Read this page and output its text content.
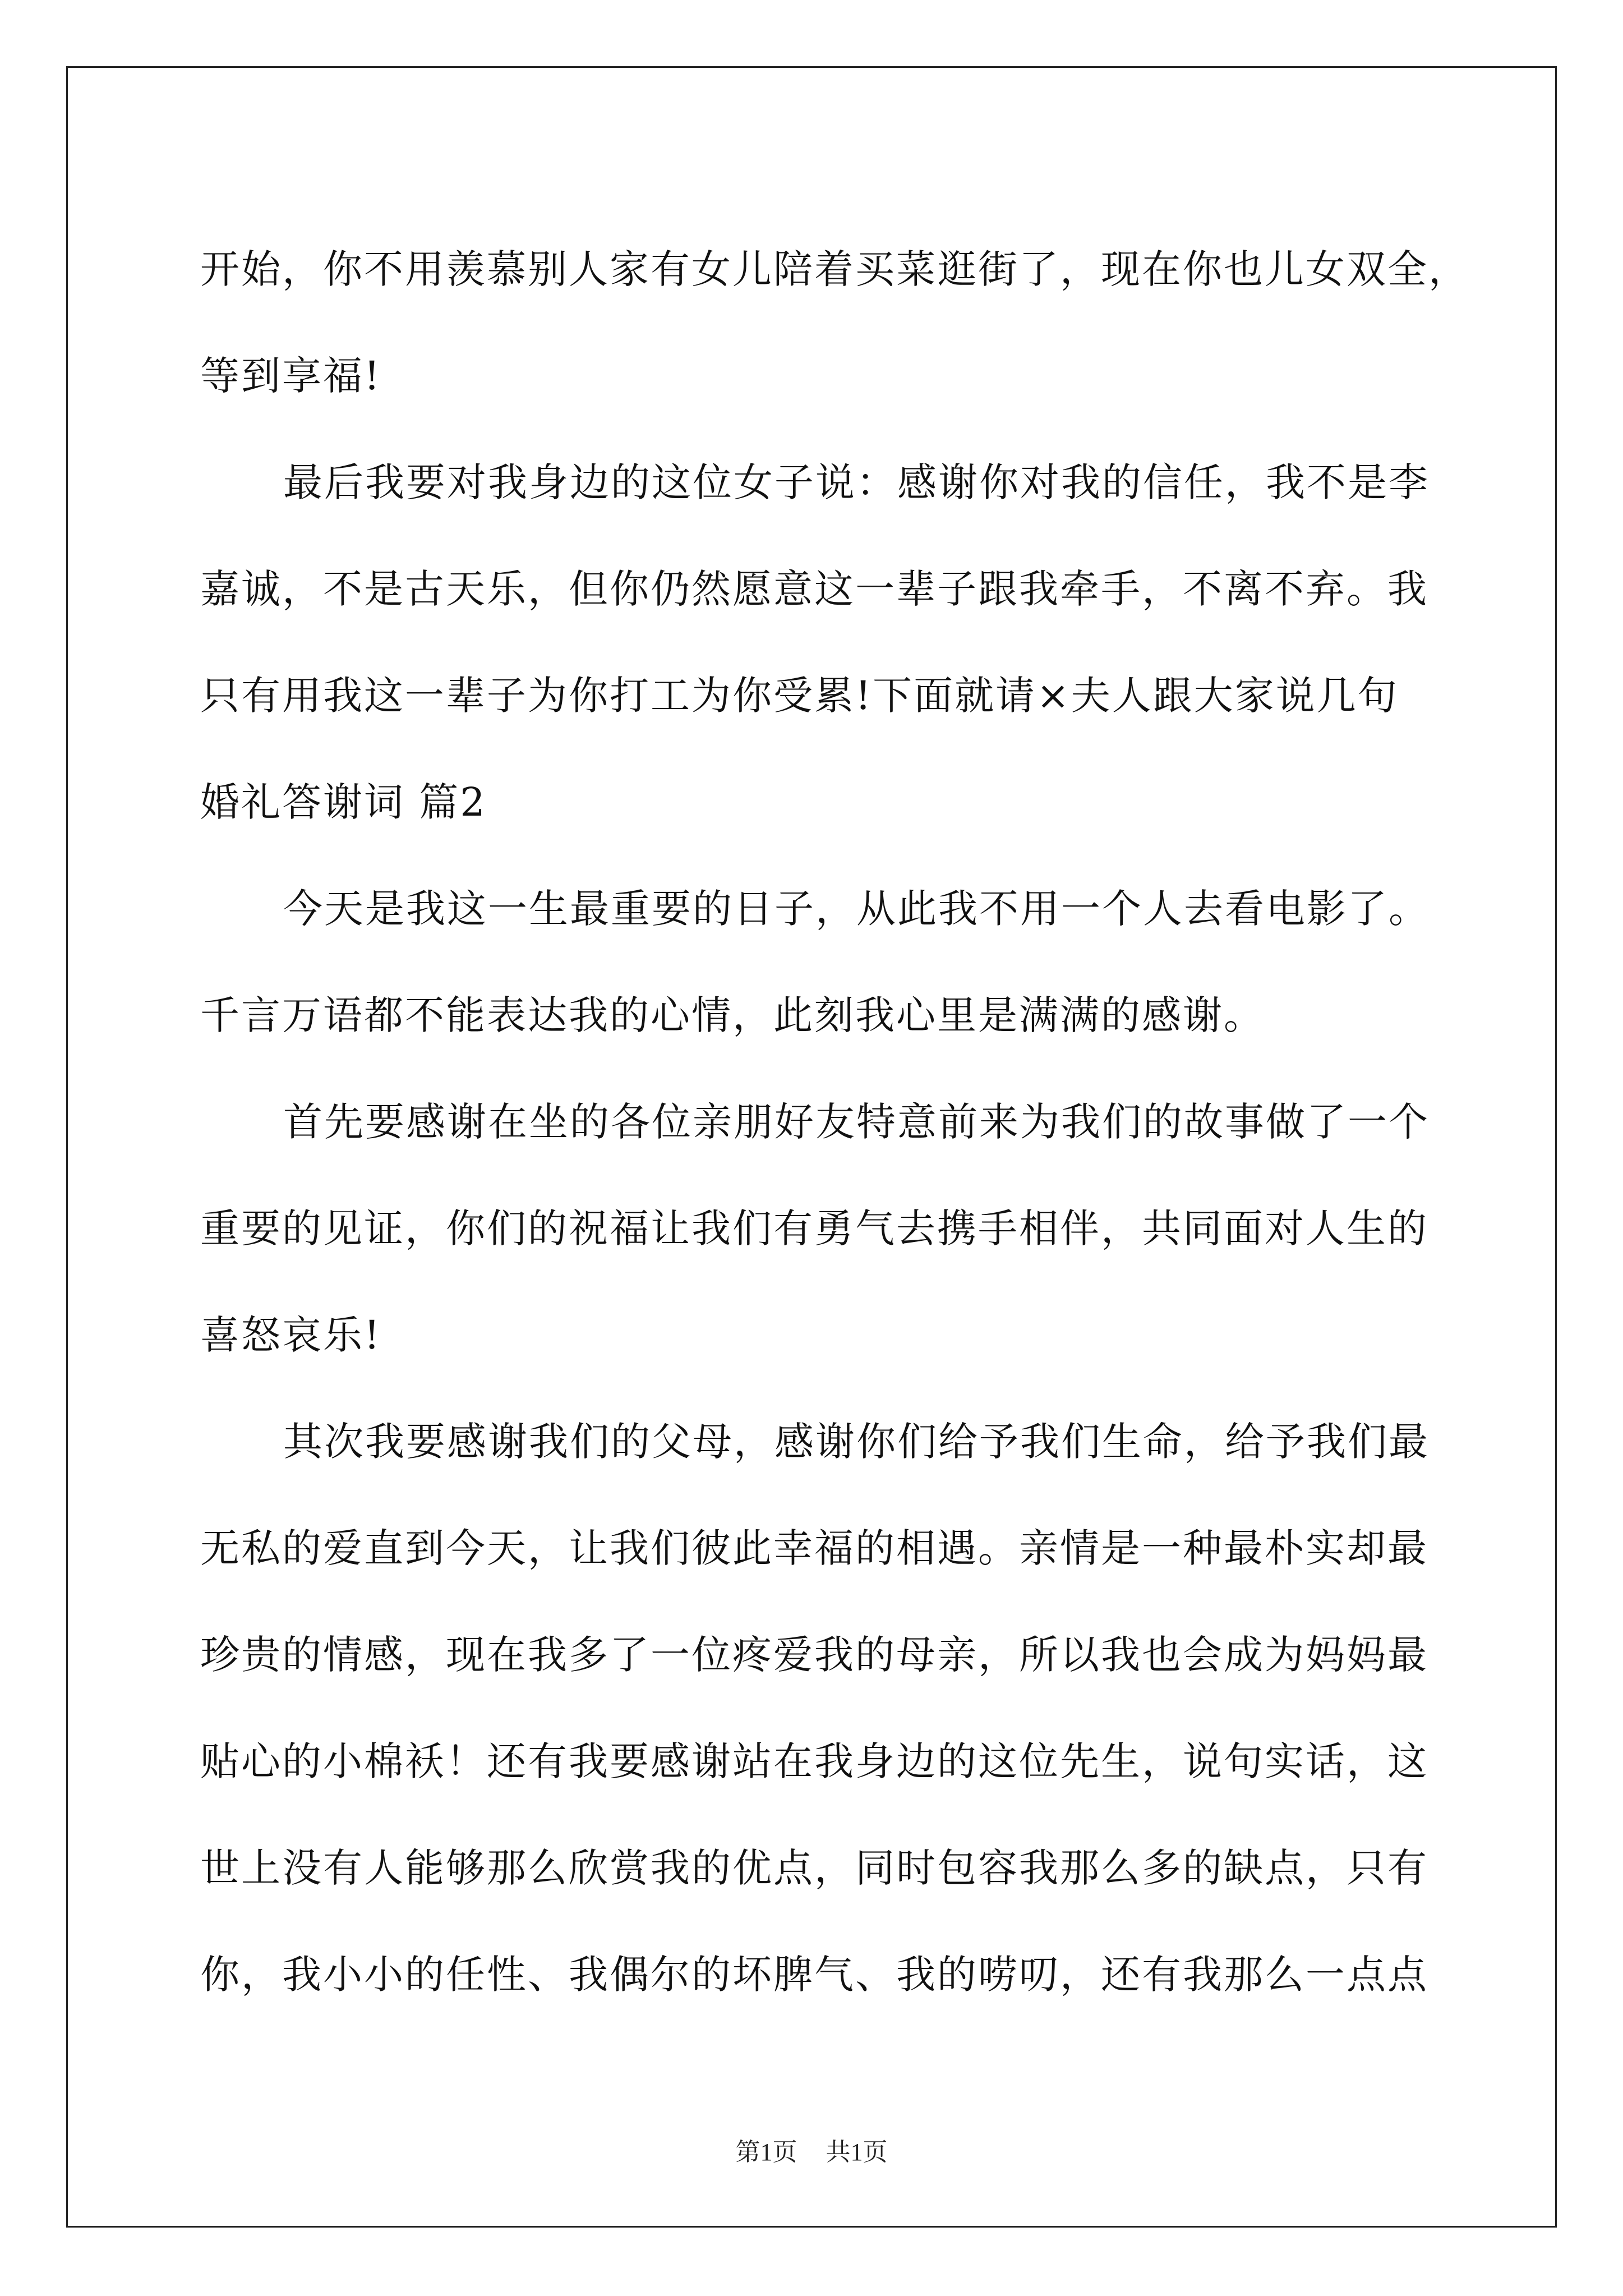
开始，你不用羡慕别人家有女儿陪着买菜逛街了，现在你也儿女双全，
等到享福!
最后我要对我身边的这位女子说：感谢你对我的信任，我不是李
嘉诚，不是古天乐，但你仍然愿意这一辈子跟我牵手，不离不弃。我
只有用我这一辈子为你打工为你受累!下面就请×夫人跟大家说几句
婚礼答谢词 篇2
今天是我这一生最重要的日子，从此我不用一个人去看电影了。
千言万语都不能表达我的心情，此刻我心里是满满的感谢。
首先要感谢在坐的各位亲朋好友特意前来为我们的故事做了一个
重要的见证，你们的祝福让我们有勇气去携手相伴，共同面对人生的
喜怒哀乐!
其次我要感谢我们的父母，感谢你们给予我们生命，给予我们最
无私的爱直到今天，让我们彼此幸福的相遇。亲情是一种最朴实却最
珍贵的情感，现在我多了一位疼爱我的母亲，所以我也会成为妈妈最
贴心的小棉袄！还有我要感谢站在我身边的这位先生，说句实话，这
世上没有人能够那么欣赏我的优点，同时包容我那么多的缺点，只有
你，我小小的任性、我偶尔的坏脾气、我的唠叨，还有我那么一点点
第1页 共1页
